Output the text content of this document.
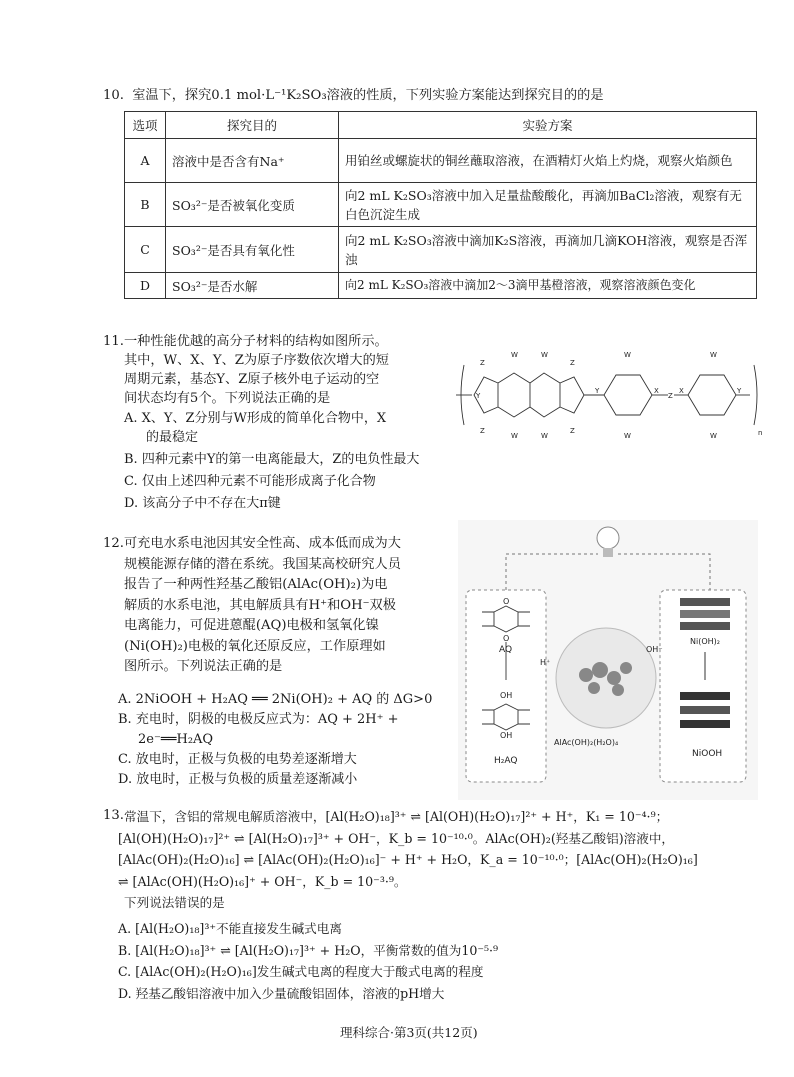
10. 室温下，探究0.1 mol·L⁻¹K₂SO₃溶液的性质，下列实验方案能达到探究目的的是
选项	探究目的	实验方案
A	溶液中是否含有Na⁺	用铂丝或螺旋状的铜丝蘸取溶液，在酒精灯火焰上灼烧，观察火焰颜色
B	SO₃²⁻是否被氧化变质	向2 mL K₂SO₃溶液中加入足量盐酸酸化，再滴加BaCl₂溶液，观察有无白色沉淀生成
C	SO₃²⁻是否具有氧化性	向2 mL K₂SO₃溶液中滴加K₂S溶液，再滴加几滴KOH溶液，观察是否浑浊
D	SO₃²⁻是否水解	向2 mL K₂SO₃溶液中滴加2～3滴甲基橙溶液，观察溶液颜色变化
11. 一种性能优越的高分子材料的结构如图所示。
其中，W、X、Y、Z为原子序数依次增大的短
周期元素，基态Y、Z原子核外电子运动的空
间状态均有5个。下列说法正确的是
A. X、Y、Z分别与W形成的简单化合物中，X
的最稳定
B. 四种元素中Y的第一电离能最大，Z的电负性最大
C. 仅由上述四种元素不可能形成离子化合物
D. 该高分子中不存在大π键
Y
Z
Z
W
W
W
W
Z
Z
Y
W
W
X
Z
X
W
W
Y
n
12. 可充电水系电池因其安全性高、成本低而成为大
规模能源存储的潜在系统。我国某高校研究人员
报告了一种两性羟基乙酸铝(AlAc(OH)₂)为电
解质的水系电池，其电解质具有H⁺和OH⁻双极
电离能力，可促进蒽醌(AQ)电极和氢氧化镍
(Ni(OH)₂)电极的氧化还原反应，工作原理如
图所示。下列说法正确的是
A. 2NiOOH + H₂AQ ══ 2Ni(OH)₂ + AQ 的 ΔG>0
B. 充电时，阴极的电极反应式为：AQ + 2H⁺ +
2e⁻══H₂AQ
C. 放电时，正极与负极的电势差逐渐增大
D. 放电时，正极与负极的质量差逐渐减小
O
O
AQ
OH
OH
H₂AQ
AlAc(OH)₂(H₂O)₄
H⁺
OH⁻
Ni(OH)₂
NiOOH
13. 常温下，含铝的常规电解质溶液中，[Al(H₂O)₁₈]³⁺ ⇌ [Al(OH)(H₂O)₁₇]²⁺ + H⁺，K₁ = 10⁻⁴·⁹；
[Al(OH)(H₂O)₁₇]²⁺ ⇌ [Al(H₂O)₁₇]³⁺ + OH⁻，K_b = 10⁻¹⁰·⁰。AlAc(OH)₂(羟基乙酸铝)溶液中，
[AlAc(OH)₂(H₂O)₁₆] ⇌ [AlAc(OH)₂(H₂O)₁₆]⁻ + H⁺ + H₂O，K_a = 10⁻¹⁰·⁰；[AlAc(OH)₂(H₂O)₁₆]
⇌ [AlAc(OH)(H₂O)₁₆]⁺ + OH⁻，K_b = 10⁻³·⁹。
下列说法错误的是
A. [Al(H₂O)₁₈]³⁺不能直接发生碱式电离
B. [Al(H₂O)₁₈]³⁺ ⇌ [Al(H₂O)₁₇]³⁺ + H₂O，平衡常数的值为10⁻⁵·⁹
C. [AlAc(OH)₂(H₂O)₁₆]发生碱式电离的程度大于酸式电离的程度
D. 羟基乙酸铝溶液中加入少量硫酸铝固体，溶液的pH增大
理科综合·第3页(共12页)
